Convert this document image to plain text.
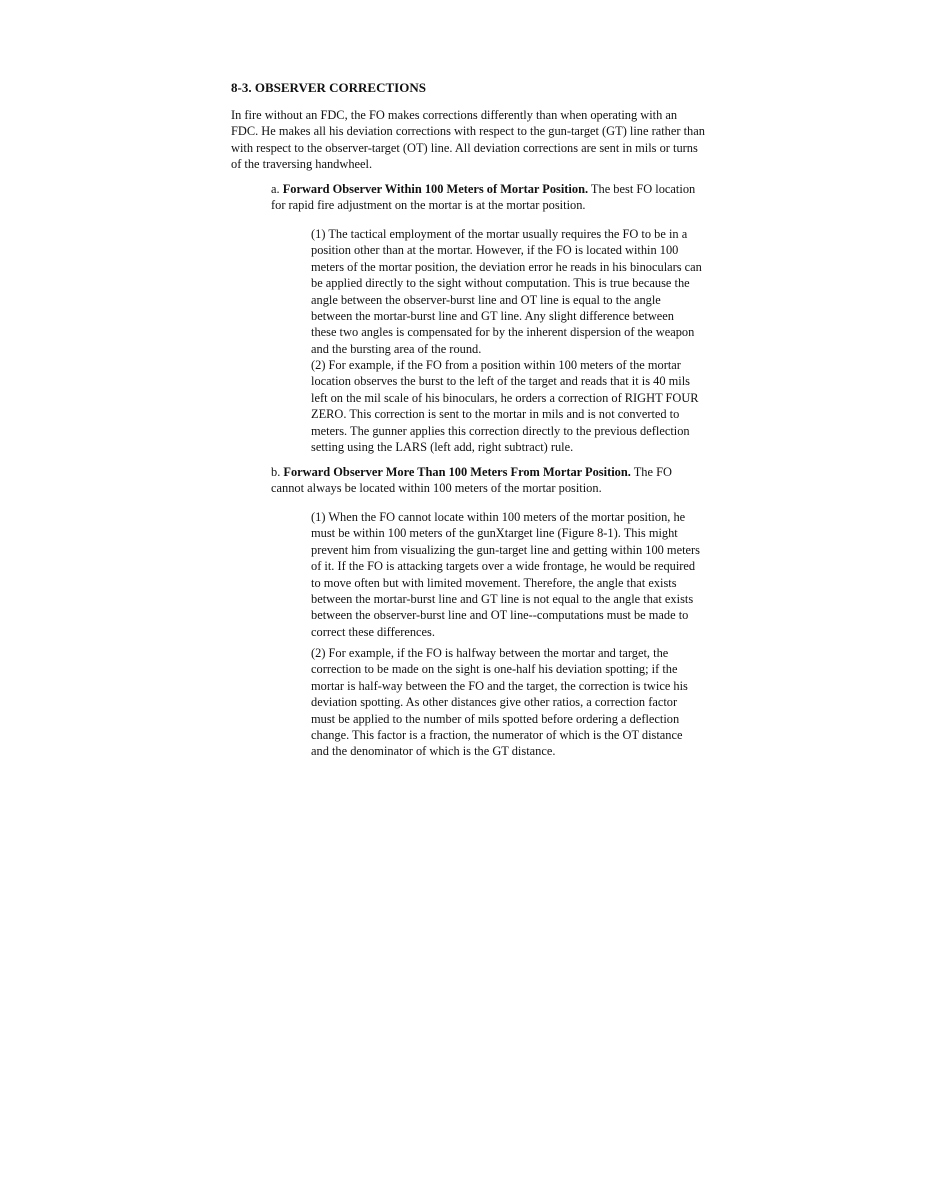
8-3. OBSERVER CORRECTIONS

In fire without an FDC, the FO makes corrections differently than when operating with an FDC. He makes all his deviation corrections with respect to the gun-target (GT) line rather than with respect to the observer-target (OT) line. All deviation corrections are sent in mils or turns of the traversing handwheel.

a. Forward Observer Within 100 Meters of Mortar Position. The best FO location for rapid fire adjustment on the mortar is at the mortar position.

(1) The tactical employment of the mortar usually requires the FO to be in a position other than at the mortar. However, if the FO is located within 100 meters of the mortar position, the deviation error he reads in his binoculars can be applied directly to the sight without computation. This is true because the angle between the observer-burst line and OT line is equal to the angle between the mortar-burst line and GT line. Any slight difference between these two angles is compensated for by the inherent dispersion of the weapon and the bursting area of the round.

(2) For example, if the FO from a position within 100 meters of the mortar location observes the burst to the left of the target and reads that it is 40 mils left on the mil scale of his binoculars, he orders a correction of RIGHT FOUR ZERO. This correction is sent to the mortar in mils and is not converted to meters. The gunner applies this correction directly to the previous deflection setting using the LARS (left add, right subtract) rule.

b. Forward Observer More Than 100 Meters From Mortar Position. The FO cannot always be located within 100 meters of the mortar position.

(1) When the FO cannot locate within 100 meters of the mortar position, he must be within 100 meters of the gunXtarget line (Figure 8-1). This might prevent him from visualizing the gun-target line and getting within 100 meters of it. If the FO is attacking targets over a wide frontage, he would be required to move often but with limited movement. Therefore, the angle that exists between the mortar-burst line and GT line is not equal to the angle that exists between the observer-burst line and OT line--computations must be made to correct these differences.

(2) For example, if the FO is halfway between the mortar and target, the correction to be made on the sight is one-half his deviation spotting; if the mortar is half-way between the FO and the target, the correction is twice his deviation spotting. As other distances give other ratios, a correction factor must be applied to the number of mils spotted before ordering a deflection change. This factor is a fraction, the numerator of which is the OT distance and the denominator of which is the GT distance.
